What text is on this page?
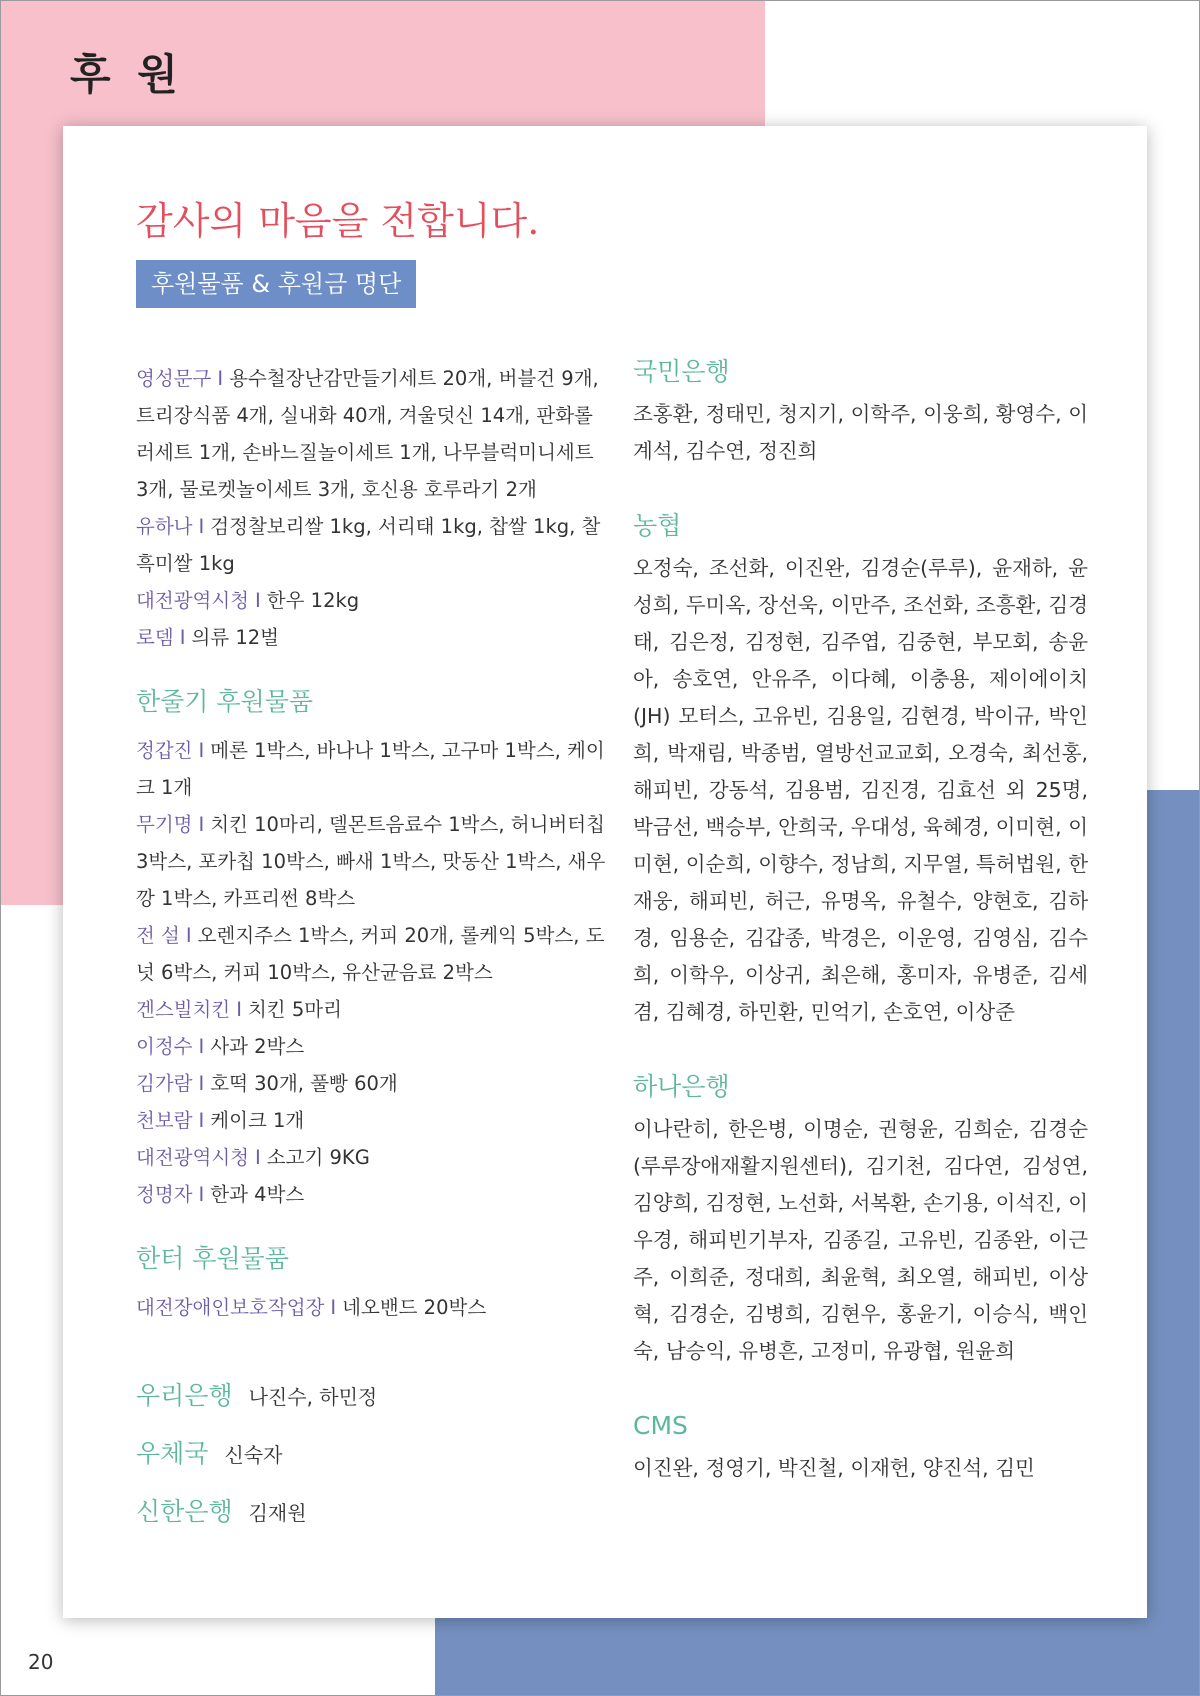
후 원
감사의 마음을 전합니다.
후원물품 & 후원금 명단

영성문구 I 용수철장난감만들기세트 20개, 버블건 9개, 트리장식품 4개, 실내화 40개, 겨울덧신 14개, 판화롤러세트 1개, 손바느질놀이세트 1개, 나무블럭미니세트 3개, 물로켓놀이세트 3개, 호신용 호루라기 2개

유하나 I 검정찰보리쌀 1kg, 서리태 1kg, 찹쌀 1kg, 찰흑미쌀 1kg

대전광역시청 I 한우 12kg

로뎀 I 의류 12벌

한줄기 후원물품

정갑진 I 메론 1박스, 바나나 1박스, 고구마 1박스, 케이크 1개

무기명 I 치킨 10마리, 델몬트음료수 1박스, 허니버터칩 3박스, 포카칩 10박스, 빠새 1박스, 맛동산 1박스, 새우깡 1박스, 카프리썬 8박스

전 설 I 오렌지주스 1박스, 커피 20개, 롤케익 5박스, 도넛 6박스, 커피 10박스, 유산균음료 2박스

겐스빌치킨 I 치킨 5마리

이정수 I 사과 2박스

김가람 I 호떡 30개, 풀빵 60개

천보람 I 케이크 1개

대전광역시청 I 소고기 9KG

정명자 I 한과 4박스

한터 후원물품

대전장애인보호작업장 I 네오밴드 20박스

우리은행 나진수, 하민정

우체국 신숙자

신한은행 김재원

국민은행

조홍환, 정태민, 청지기, 이학주, 이웅희, 황영수, 이계석, 김수연, 정진희

농협

오정숙, 조선화, 이진완, 김경순(루루), 윤재하, 윤성희, 두미옥, 장선욱, 이만주, 조선화, 조흥환, 김경태, 김은정, 김정현, 김주엽, 김중현, 부모회, 송윤아, 송호연, 안유주, 이다혜, 이충용, 제이에이치(JH) 모터스, 고유빈, 김용일, 김현경, 박이규, 박인희, 박재림, 박종범, 열방선교교회, 오경숙, 최선홍, 해피빈, 강동석, 김용범, 김진경, 김효선 외 25명, 박금선, 백승부, 안희국, 우대성, 육혜경, 이미현, 이미현, 이순희, 이향수, 정남희, 지무열, 특허법원, 한재웅, 해피빈, 허근, 유명옥, 유철수, 양현호, 김하경, 임용순, 김갑종, 박경은, 이운영, 김영심, 김수희, 이학우, 이상귀, 최은해, 홍미자, 유병준, 김세겸, 김혜경, 하민환, 민억기, 손호연, 이상준

하나은행

이나란히, 한은병, 이명순, 권형윤, 김희순, 김경순(루루장애재활지원센터), 김기천, 김다연, 김성연, 김양희, 김정현, 노선화, 서복환, 손기용, 이석진, 이우경, 해피빈기부자, 김종길, 고유빈, 김종완, 이근주, 이희준, 정대희, 최윤혁, 최오열, 해피빈, 이상혁, 김경순, 김병희, 김현우, 홍윤기, 이승식, 백인숙, 남승익, 유병흔, 고정미, 유광협, 원윤희

CMS

이진완, 정영기, 박진철, 이재헌, 양진석, 김민

20
